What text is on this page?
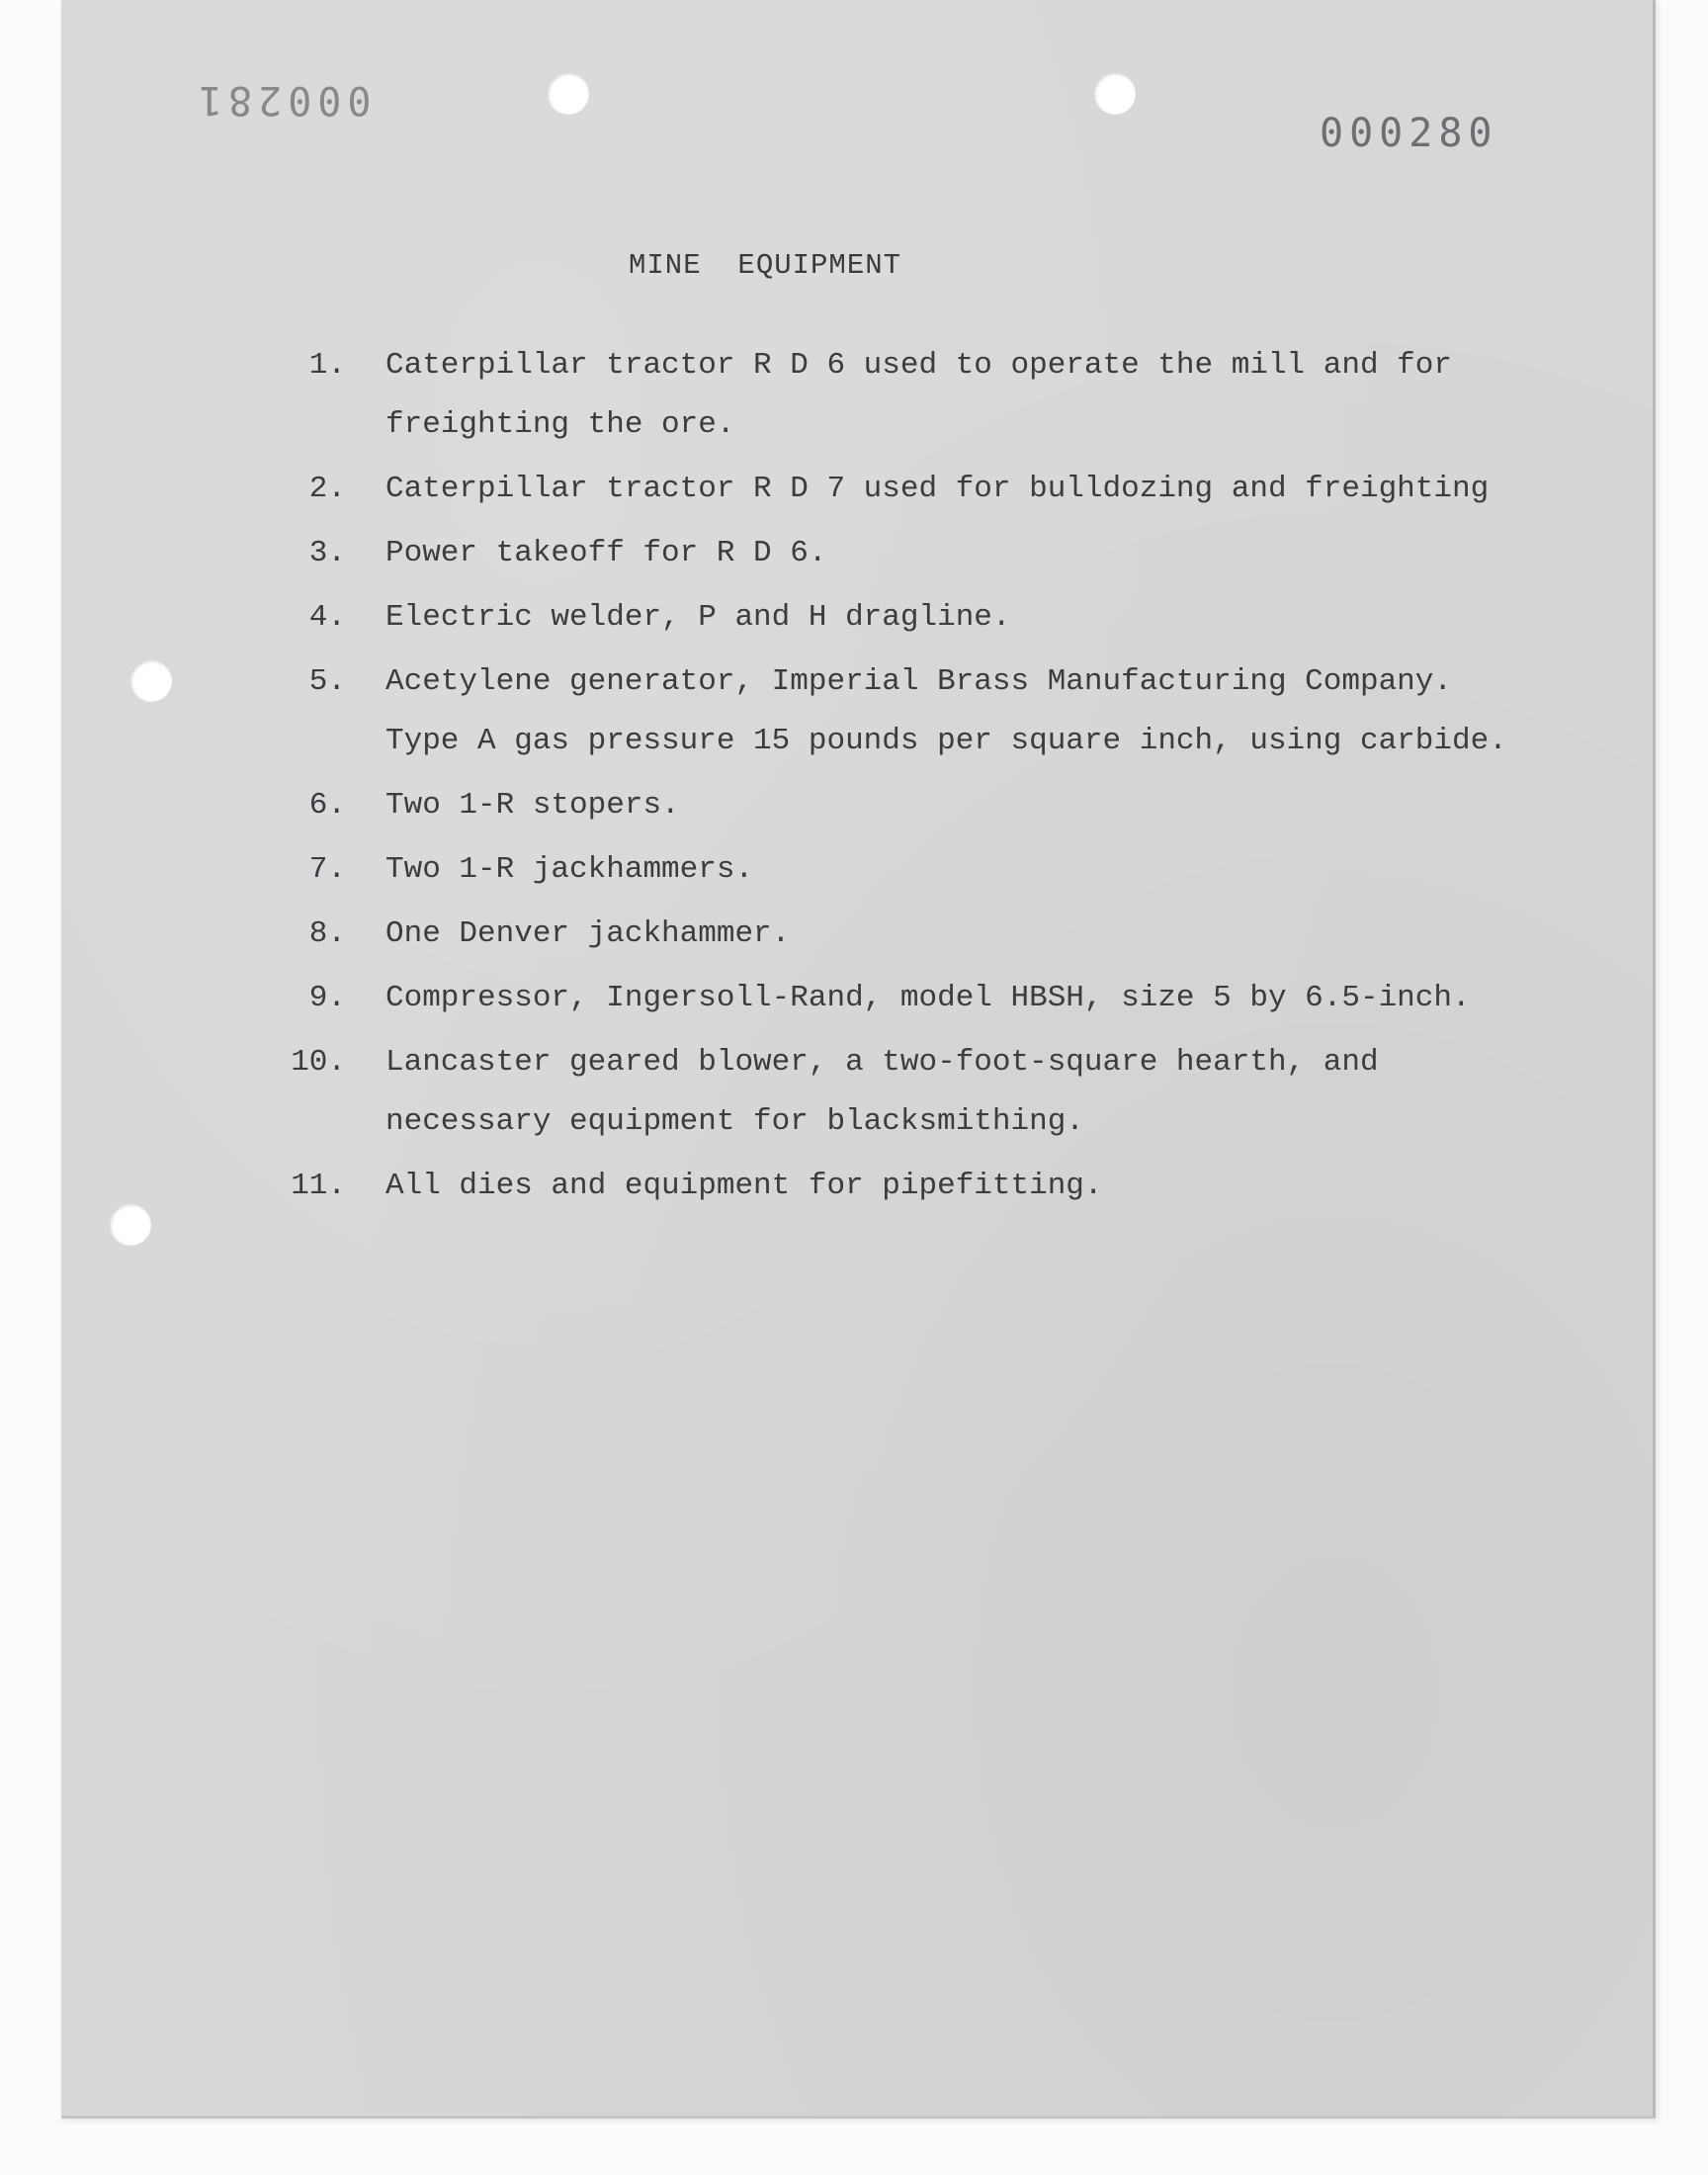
000281
000280
MINE  EQUIPMENT
1.	Caterpillar tractor R D 6 used to operate the mill and for
freighting the ore.
2.	Caterpillar tractor R D 7 used for bulldozing and freighting
3.	Power takeoff for R D 6.
4.	Electric welder, P and H dragline.
5.	Acetylene generator, Imperial Brass Manufacturing Company.
Type A gas pressure 15 pounds per square inch, using carbide.
6.	Two 1-R stopers.
7.	Two 1-R jackhammers.
8.	One Denver jackhammer.
9.	Compressor, Ingersoll-Rand, model HBSH, size 5 by 6.5-inch.
10.	Lancaster geared blower, a two-foot-square hearth, and
necessary equipment for blacksmithing.
11.	All dies and equipment for pipefitting.
